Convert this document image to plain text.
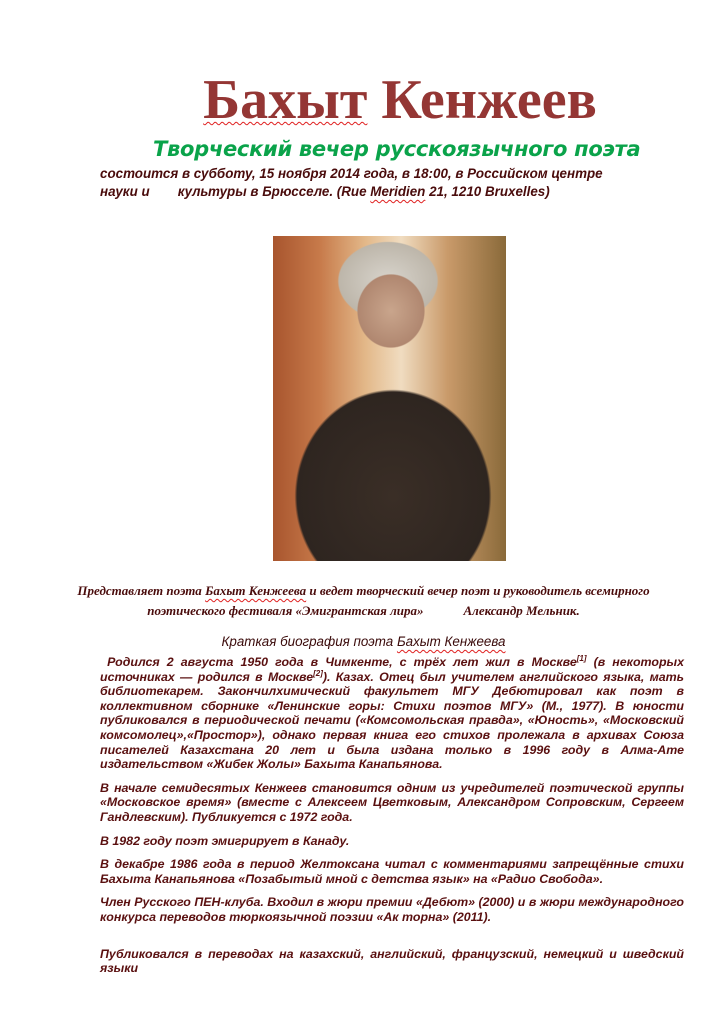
Бахыт Кенжеев
Творческий вечер русскоязычного поэта
состоится в субботу, 15 ноября 2014 года, в 18:00, в Российском центре
науки и культуры в Брюсселе. (Rue Meridien 21, 1210 Bruxelles)
Представляет поэта Бахыт Кенжеева и ведет творческий вечер поэт и руководитель всемирного поэтического фестиваля «Эмигрантская лира»	Александр Мельник.
Краткая биография поэта Бахыт Кенжеева

Родился 2 августа 1950 года в Чимкенте, с трёх лет жил в Москве[1] (в некоторых источниках — родился в Москве[2]). Казах. Отец был учителем английского языка, мать библиотекарем. Закончилхимический факультет МГУ Дебютировал как поэт в коллективном сборнике «Ленинские горы: Стихи поэтов МГУ» (М., 1977). В юности публиковался в периодической печати («Комсомольская правда», «Юность», «Московский комсомолец»,«Простор»), однако первая книга его стихов пролежала в архивах Союза писателей Казахстана 20 лет и была издана только в 1996 году в Алма-Ате издательством «Жибек Жолы» Бахыта Канапьянова.

В начале семидесятых Кенжеев становится одним из учредителей поэтической группы «Московское время» (вместе с Алексеем Цветковым, Александром Сопровским, Сергеем Гандлевским). Публикуется с 1972 года.

В 1982 году поэт эмигрирует в Канаду.

В декабре 1986 года в период Желтоксана читал с комментариями запрещённые стихи Бахыта Канапьянова «Позабытый мной с детства язык» на «Радио Свобода».

Член Русского ПЕН-клуба. Входил в жюри премии «Дебют» (2000) и в жюри международного конкурса переводов тюркоязычной поэзии «Ак торна» (2011).

Публиковался в переводах на казахский, английский, французский, немецкий и шведский языки
